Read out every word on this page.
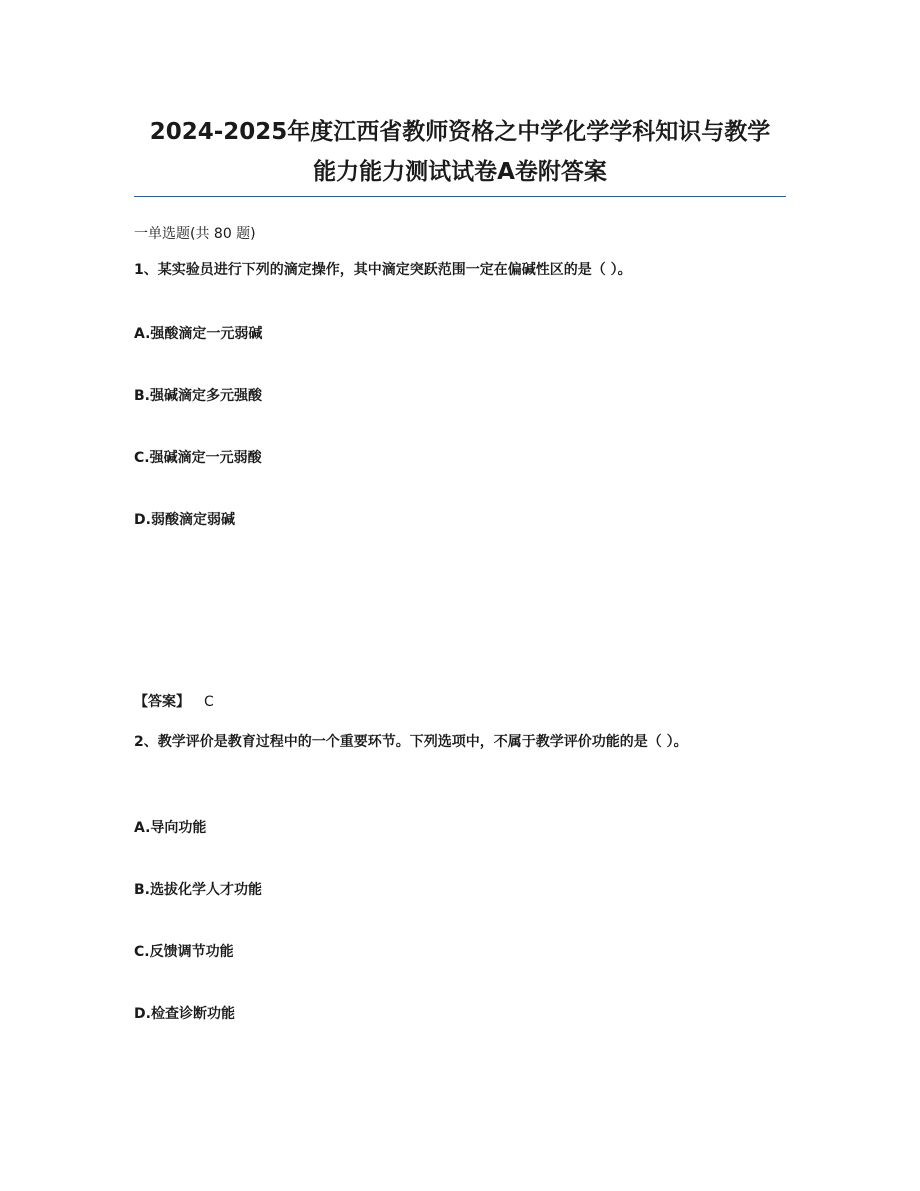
2024-2025年度江西省教师资格之中学化学学科知识与教学
能力能力测试试卷A卷附答案
一单选题(共 80 题)
1、某实验员进行下列的滴定操作，其中滴定突跃范围一定在偏碱性区的是（ ）。
A.强酸滴定一元弱碱
B.强碱滴定多元强酸
C.强碱滴定一元弱酸
D.弱酸滴定弱碱
【答案】 C
2、教学评价是教育过程中的一个重要环节。下列选项中，不属于教学评价功能的是（ ）。
A.导向功能
B.选拔化学人才功能
C.反馈调节功能
D.检查诊断功能
